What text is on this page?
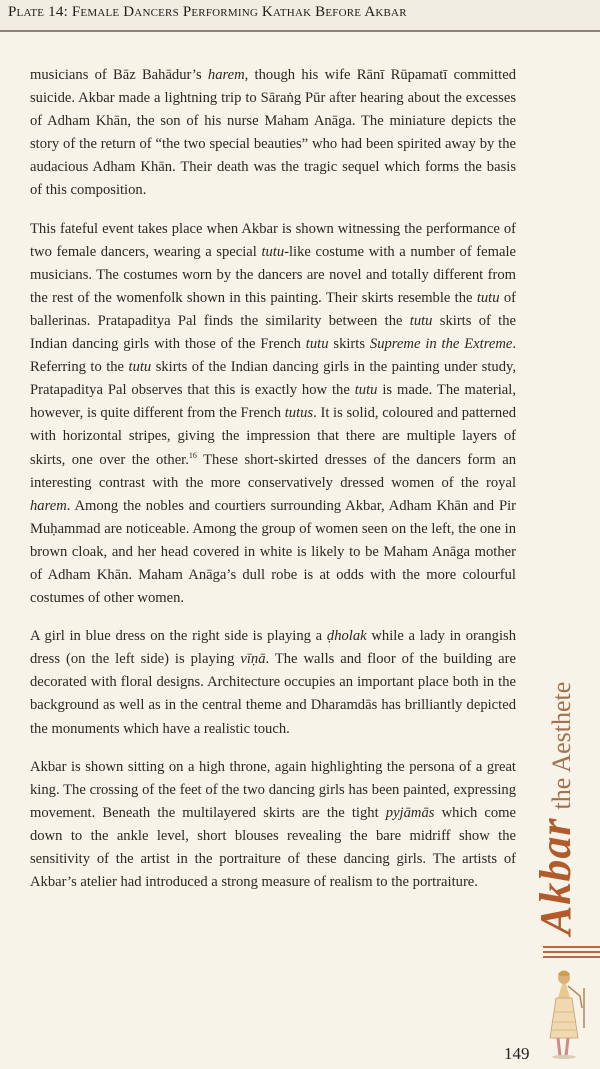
Plate 14: Female Dancers Performing Kathak Before Akbar

musicians of Bāz Bahādur’s harem, though his wife Rānī Rūpamatī committed suicide. Akbar made a lightning trip to Sāraṅg Pūr after hearing about the excesses of Adham Khān, the son of his nurse Maham Anāga. The miniature depicts the story of the return of “the two special beauties” who had been spirited away by the audacious Adham Khān. Their death was the tragic sequel which forms the basis of this composition.

This fateful event takes place when Akbar is shown witnessing the performance of two female dancers, wearing a special tutu-like costume with a number of female musicians. The costumes worn by the dancers are novel and totally different from the rest of the womenfolk shown in this painting. Their skirts resemble the tutu of ballerinas. Pratapaditya Pal finds the similarity between the tutu skirts of the Indian dancing girls with those of the French tutu skirts Supreme in the Extreme. Referring to the tutu skirts of the Indian dancing girls in the painting under study, Pratapaditya Pal observes that this is exactly how the tutu is made. The material, however, is quite different from the French tutus. It is solid, coloured and patterned with horizontal stripes, giving the impression that there are multiple layers of skirts, one over the other.$^{16}$ These short-skirted dresses of the dancers form an interesting contrast with the more conservatively dressed women of the royal harem. Among the nobles and courtiers surrounding Akbar, Adham Khān and Pir Muḥammad are noticeable. Among the group of women seen on the left, the one in brown cloak, and her head covered in white is likely to be Maham Anāga mother of Adham Khān. Maham Anāga’s dull robe is at odds with the more colourful costumes of other women.

A girl in blue dress on the right side is playing a ḍholak while a lady in orangish dress (on the left side) is playing vīṇā. The walls and floor of the building are decorated with floral designs. Architecture occupies an important place both in the background as well as in the central theme and Dharamdās has brilliantly depicted the monuments which have a realistic touch.

Akbar is shown sitting on a high throne, again highlighting the persona of a great king. The crossing of the feet of the two dancing girls has been painted, expressing movement. Beneath the multilayered skirts are the tight pyjāmās which come down to the ankle level, short blouses revealing the bare midriff show the sensitivity of the artist in the portraiture of these dancing girls. The artists of Akbar’s atelier had introduced a strong measure of realism to the portraiture.	Akbarthe Aesthete
149
